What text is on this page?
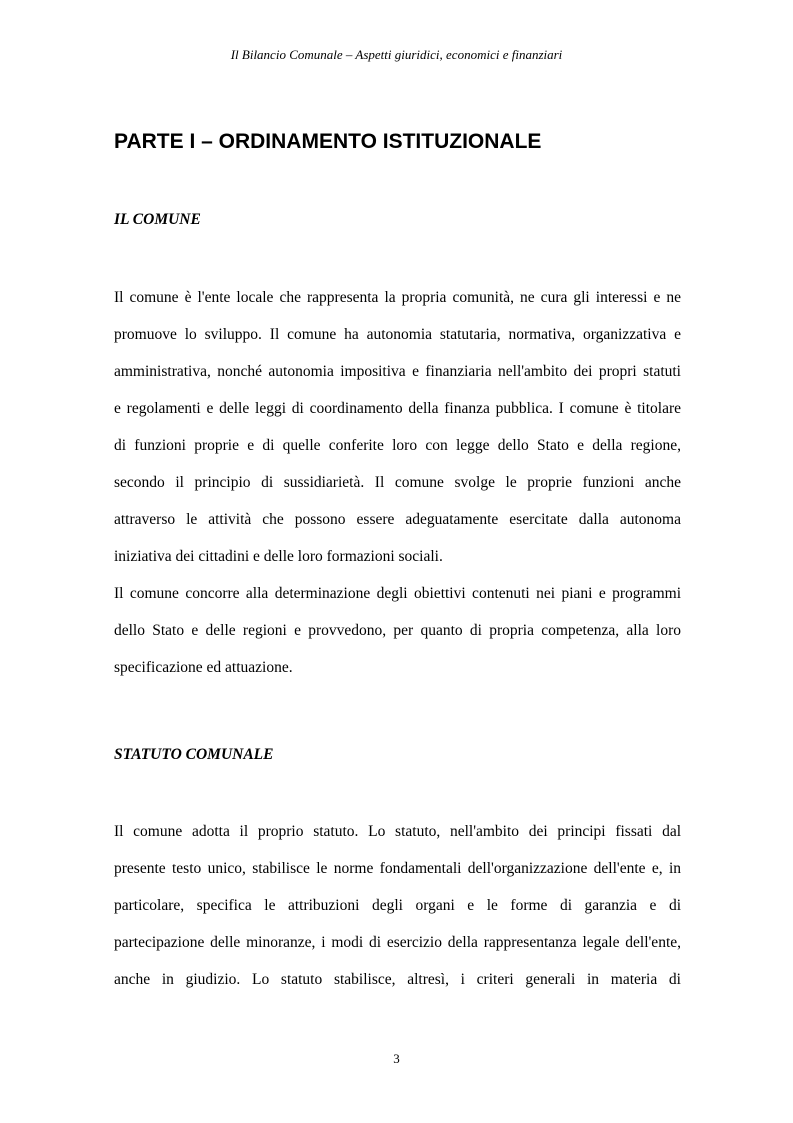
Il Bilancio Comunale – Aspetti giuridici, economici e finanziari
PARTE I – ORDINAMENTO ISTITUZIONALE
IL COMUNE

Il comune è l'ente locale che rappresenta la propria comunità, ne cura gli interessi e ne
promuove lo sviluppo. Il comune ha autonomia statutaria, normativa, organizzativa e
amministrativa, nonché autonomia impositiva e finanziaria nell'ambito dei propri statuti
e regolamenti e delle leggi di coordinamento della finanza pubblica. I comune è titolare
di funzioni proprie e di quelle conferite loro con legge dello Stato e della regione,
secondo il principio di sussidiarietà. Il comune svolge le proprie funzioni anche
attraverso le attività che possono essere adeguatamente esercitate dalla autonoma
iniziativa dei cittadini e delle loro formazioni sociali.

Il comune concorre alla determinazione degli obiettivi contenuti nei piani e programmi
dello Stato e delle regioni e provvedono, per quanto di propria competenza, alla loro
specificazione ed attuazione.

STATUTO COMUNALE

Il comune adotta il proprio statuto. Lo statuto, nell'ambito dei principi fissati dal
presente testo unico, stabilisce le norme fondamentali dell'organizzazione dell'ente e, in
particolare, specifica le attribuzioni degli organi e le forme di garanzia e di
partecipazione delle minoranze, i modi di esercizio della rappresentanza legale dell'ente,
anche in giudizio. Lo statuto stabilisce, altresì, i criteri generali in materia di

3
